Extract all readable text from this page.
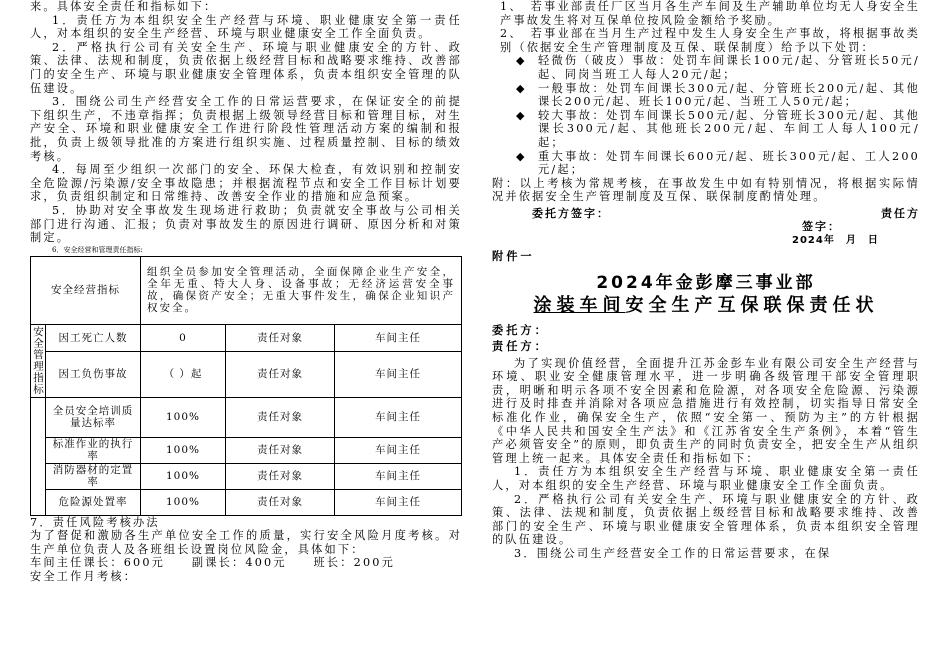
来。具体安全责任和指标如下：

1．责任方为本组织安全生产经营与环境、职业健康安全第一责任人，对本组织的安全生产经营、环境与职业健康安全工作全面负责。

2．严格执行公司有关安全生产、环境与职业健康安全的方针、政策、法律、法规和制度，负责依据上级经营目标和战略要求维持、改善部门的安全生产、环境与职业健康安全管理体系，负责本组织安全管理的队伍建设。

3．围绕公司生产经营安全工作的日常运营要求，在保证安全的前提下组织生产，不违章指挥；负责根据上级领导经营目标和管理目标，对生产安全、环境和职业健康安全工作进行阶段性管理活动方案的编制和报批，负责上级领导批准的方案进行组织实施、过程质量控制、目标的绩效考核。

4．每周至少组织一次部门的安全、环保大检查，有效识别和控制安全危险源/污染源/安全事故隐患；并根据流程节点和安全工作目标计划要求，负责组织制定和日常维持、改善安全作业的措施和应急预案。

5．协助对安全事故发生现场进行救助；负责就安全事故与公司相关部门进行沟通、汇报；负责对事故发生的原因进行调研、原因分析和对策制定。

6．安全经营和管理责任指标:

安全经营指标		组织全员参加安全管理活动，全面保障企业生产安全，全年无重、特大人身、设备事故；无经济运营安全事故，确保资产安全；无重大事件发生，确保企业知识产权安全。		
安全管理指标	因工死亡人数	0	责任对象	车间主任
	因工负伤事故	（ ）起	责任对象	车间主任
	全员安全培训质量达标率	100%	责任对象	车间主任
	标准作业的执行率	100%	责任对象	车间主任
	消防器材的定置率	100%	责任对象	车间主任
	危险源处置率	100%	责任对象	车间主任

7．责任风险考核办法

为了督促和激励各生产单位安全工作的质量，实行安全风险月度考核。对生产单位负责人及各班组长设置岗位风险金，具体如下：

车间主任课长：600元　　副课长：400元　　班长：200元

安全工作月考核：

1、　若事业部责任厂区当月各生产车间及生产辅助单位均无人身安全生产事故发生将对互保单位按风险金额给予奖励。

2、　若事业部在当月生产过程中发生人身安全生产事故，将根据事故类别（依据安全生产管理制度及互保、联保制度）给予以下处罚：

◆	轻微伤（破皮）事故：处罚车间课长100元/起、分管班长50元/起、同岗当班工人每人20元/起；

◆	一般事故：处罚车间课长300元/起、分管班长200元/起、其他课长200元/起、班长100元/起、当班工人50元/起；

◆	较大事故：处罚车间课长500元/起、分管班长300元/起、其他课长300元/起、其他班长200元/起、车间工人每人100元/起；

◆	重大事故：处罚车间课长600元/起、班长300元/起、工人200元/起；

附：以上考核为常规考核，在事故发生中如有特别情况，将根据实际情况并依据安全生产管理制度及互保、联保制度酌情处理。

委托方签字：	责任方
签字：
2024年　月　日

附件一

2024年金彭摩三事业部
涂装车间安全生产互保联保责任状

委托方：

责任方：

为了实现价值经营，全面提升江苏金彭车业有限公司安全生产经营与环境、职业安全健康管理水平，进一步明确各级管理干部安全管理职责，明晰和明示各项不安全因素和危险源，对各项安全危险源、污染源进行及时排查并消除对各项应急措施进行有效控制，切实指导日常安全标准化作业，确保安全生产，依照“安全第一、预防为主”的方针根据《中华人民共和国安全生产法》和《江苏省安全生产条例》，本着“管生产必须管安全”的原则，即负责生产的同时负责安全，把安全生产从组织管理上统一起来。具体安全责任和指标如下：

1．责任方为本组织安全生产经营与环境、职业健康安全第一责任人，对本组织的安全生产经营、环境与职业健康安全工作全面负责。

2．严格执行公司有关安全生产、环境与职业健康安全的方针、政策、法律、法规和制度，负责依据上级经营目标和战略要求维持、改善部门的安全生产、环境与职业健康安全管理体系，负责本组织安全管理的队伍建设。

3．围绕公司生产经营安全工作的日常运营要求，在保
